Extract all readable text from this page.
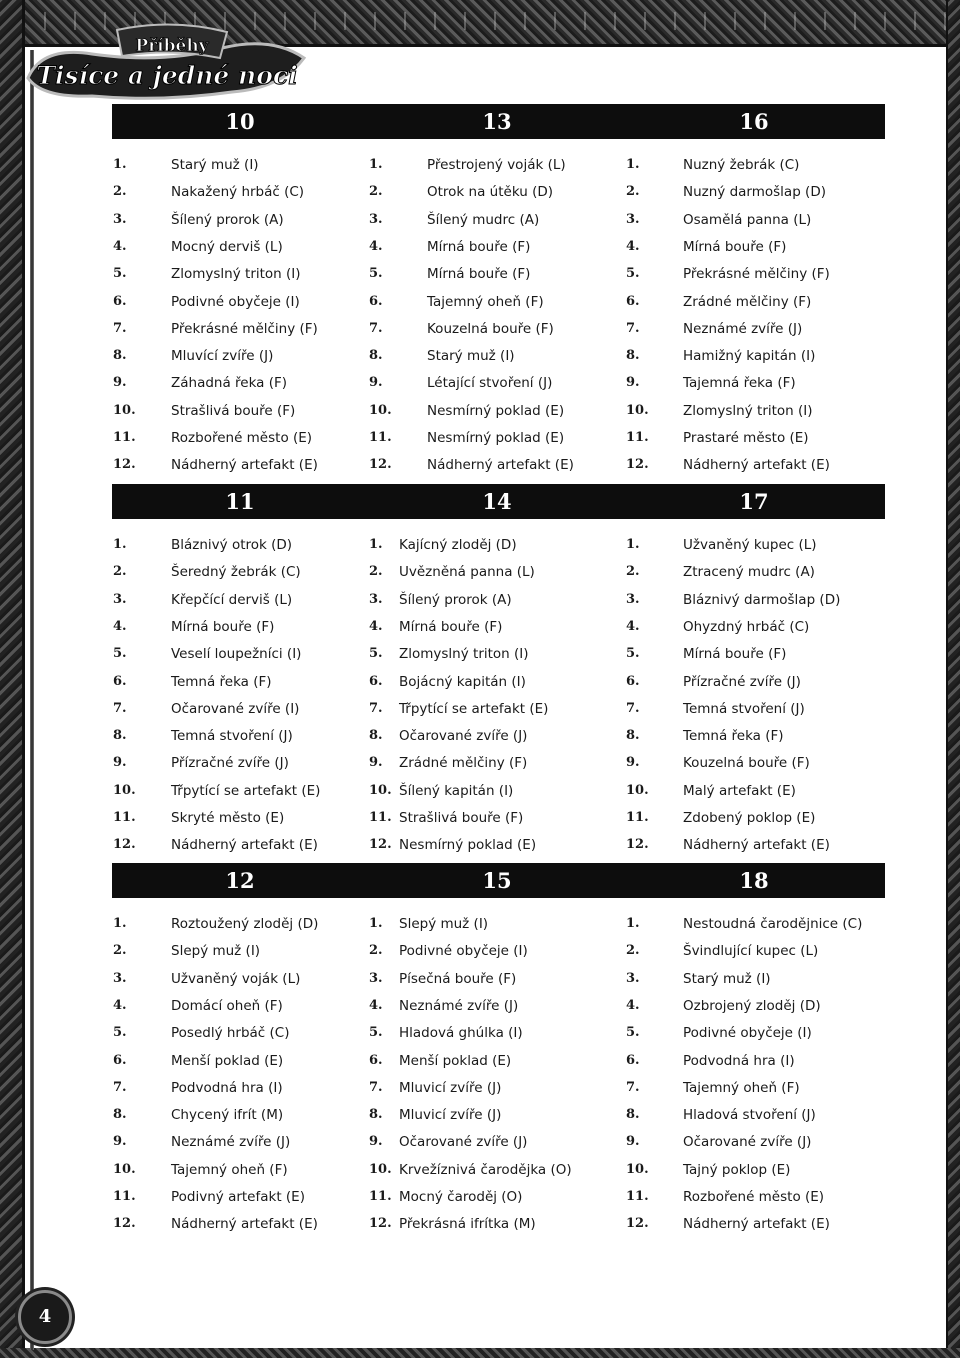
Příběhy
Tisíce a jedné noci
10	13	16
1.	Starý muž (I)
2.	Nakažený hrbáč (C)
3.	Šílený prorok (A)
4.	Mocný derviš (L)
5.	Zlomyslný triton (I)
6.	Podivné obyčeje (I)
7.	Překrásné mělčiny (F)
8.	Mluvící zvíře (J)
9.	Záhadná řeka (F)
10.	Strašlivá bouře (F)
11.	Rozbořené město (E)
12.	Nádherný artefakt (E)
1.	Přestrojený voják (L)
2.	Otrok na útěku (D)
3.	Šílený mudrc (A)
4.	Mírná bouře (F)
5.	Mírná bouře (F)
6.	Tajemný oheň (F)
7.	Kouzelná bouře (F)
8.	Starý muž (I)
9.	Létající stvoření (J)
10.	Nesmírný poklad (E)
11.	Nesmírný poklad (E)
12.	Nádherný artefakt (E)
1.	Nuzný žebrák (C)
2.	Nuzný darmošlap (D)
3.	Osamělá panna (L)
4.	Mírná bouře (F)
5.	Překrásné mělčiny (F)
6.	Zrádné mělčiny (F)
7.	Neznámé zvíře (J)
8.	Hamižný kapitán (I)
9.	Tajemná řeka (F)
10.	Zlomyslný triton (I)
11.	Prastaré město (E)
12.	Nádherný artefakt (E)
11	14	17
1.	Bláznivý otrok (D)
2.	Šeredný žebrák (C)
3.	Křepčící derviš (L)
4.	Mírná bouře (F)
5.	Veselí loupežníci (I)
6.	Temná řeka (F)
7.	Očarované zvíře (I)
8.	Temná stvoření (J)
9.	Přízračné zvíře (J)
10.	Třpytící se artefakt (E)
11.	Skryté město (E)
12.	Nádherný artefakt (E)
1. Kajícný zloděj (D)
2. Uvězněná panna (L)
3. Šílený prorok (A)
4. Mírná bouře (F)
5. Zlomyslný triton (I)
6. Bojácný kapitán (I)
7. Třpytící se artefakt (E)
8. Očarované zvíře (J)
9. Zrádné mělčiny (F)
10. Šílený kapitán (I)
11. Strašlivá bouře (F)
12. Nesmírný poklad (E)
1.	Užvaněný kupec (L)
2.	Ztracený mudrc (A)
3.	Bláznivý darmošlap (D)
4.	Ohyzdný hrbáč (C)
5.	Mírná bouře (F)
6.	Přízračné zvíře (J)
7.	Temná stvoření (J)
8.	Temná řeka (F)
9.	Kouzelná bouře (F)
10.	Malý artefakt (E)
11.	Zdobený poklop (E)
12.	Nádherný artefakt (E)
12	15	18
1.	Roztoužený zloděj (D)
2.	Slepý muž (I)
3.	Užvaněný voják (L)
4.	Domácí oheň (F)
5.	Posedlý hrbáč (C)
6.	Menší poklad (E)
7.	Podvodná hra (I)
8.	Chycený ifrít (M)
9.	Neznámé zvíře (J)
10.	Tajemný oheň (F)
11.	Podivný artefakt (E)
12.	Nádherný artefakt (E)
1. Slepý muž (I)
2. Podivné obyčeje (I)
3. Písečná bouře (F)
4. Neznámé zvíře (J)
5. Hladová ghúlka (I)
6. Menší poklad (E)
7. Mluvicí zvíře (J)
8. Mluvicí zvíře (J)
9. Očarované zvíře (J)
10. Krvežíznivá čarodějka (O)
11. Mocný čaroděj (O)
12. Překrásná ifrítka (M)
1.	Nestoudná čarodějnice (C)
2.	Švindlující kupec (L)
3.	Starý muž (I)
4.	Ozbrojený zloděj (D)
5.	Podivné obyčeje (I)
6.	Podvodná hra (I)
7.	Tajemný oheň (F)
8.	Hladová stvoření (J)
9.	Očarované zvíře (J)
10.	Tajný poklop (E)
11.	Rozbořené město (E)
12.	Nádherný artefakt (E)
4
